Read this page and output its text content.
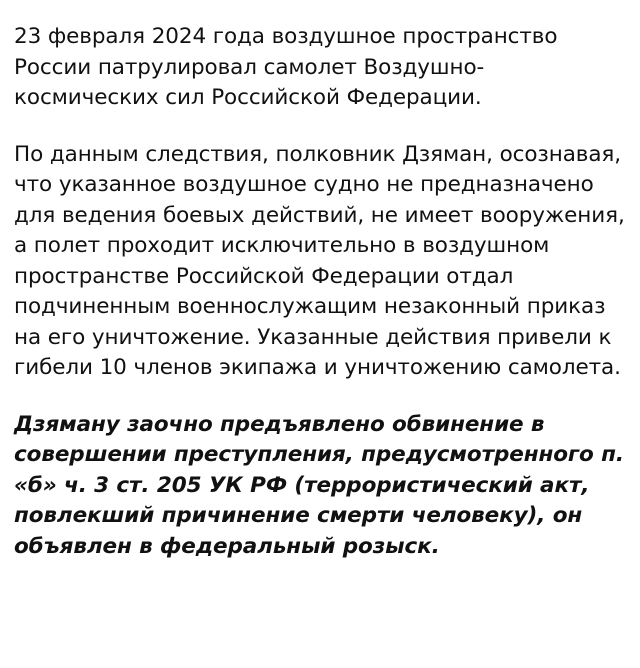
23 февраля 2024 года воздушное пространство России патрулировал самолет Воздушно-космических сил Российской Федерации.

По данным следствия, полковник Дзяман, осознавая, что указанное воздушное судно не предназначено для ведения боевых действий, не имеет вооружения, а полет проходит исключительно в воздушном пространстве Российской Федерации отдал подчиненным военнослужащим незаконный приказ на его уничтожение. Указанные действия привели к гибели 10 членов экипажа и уничтожению самолета.

Дзяману заочно предъявлено обвинение в совершении преступления, предусмотренного п. «б» ч. 3 ст. 205 УК РФ (террористический акт, повлекший причинение смерти человеку), он объявлен в федеральный розыск.
